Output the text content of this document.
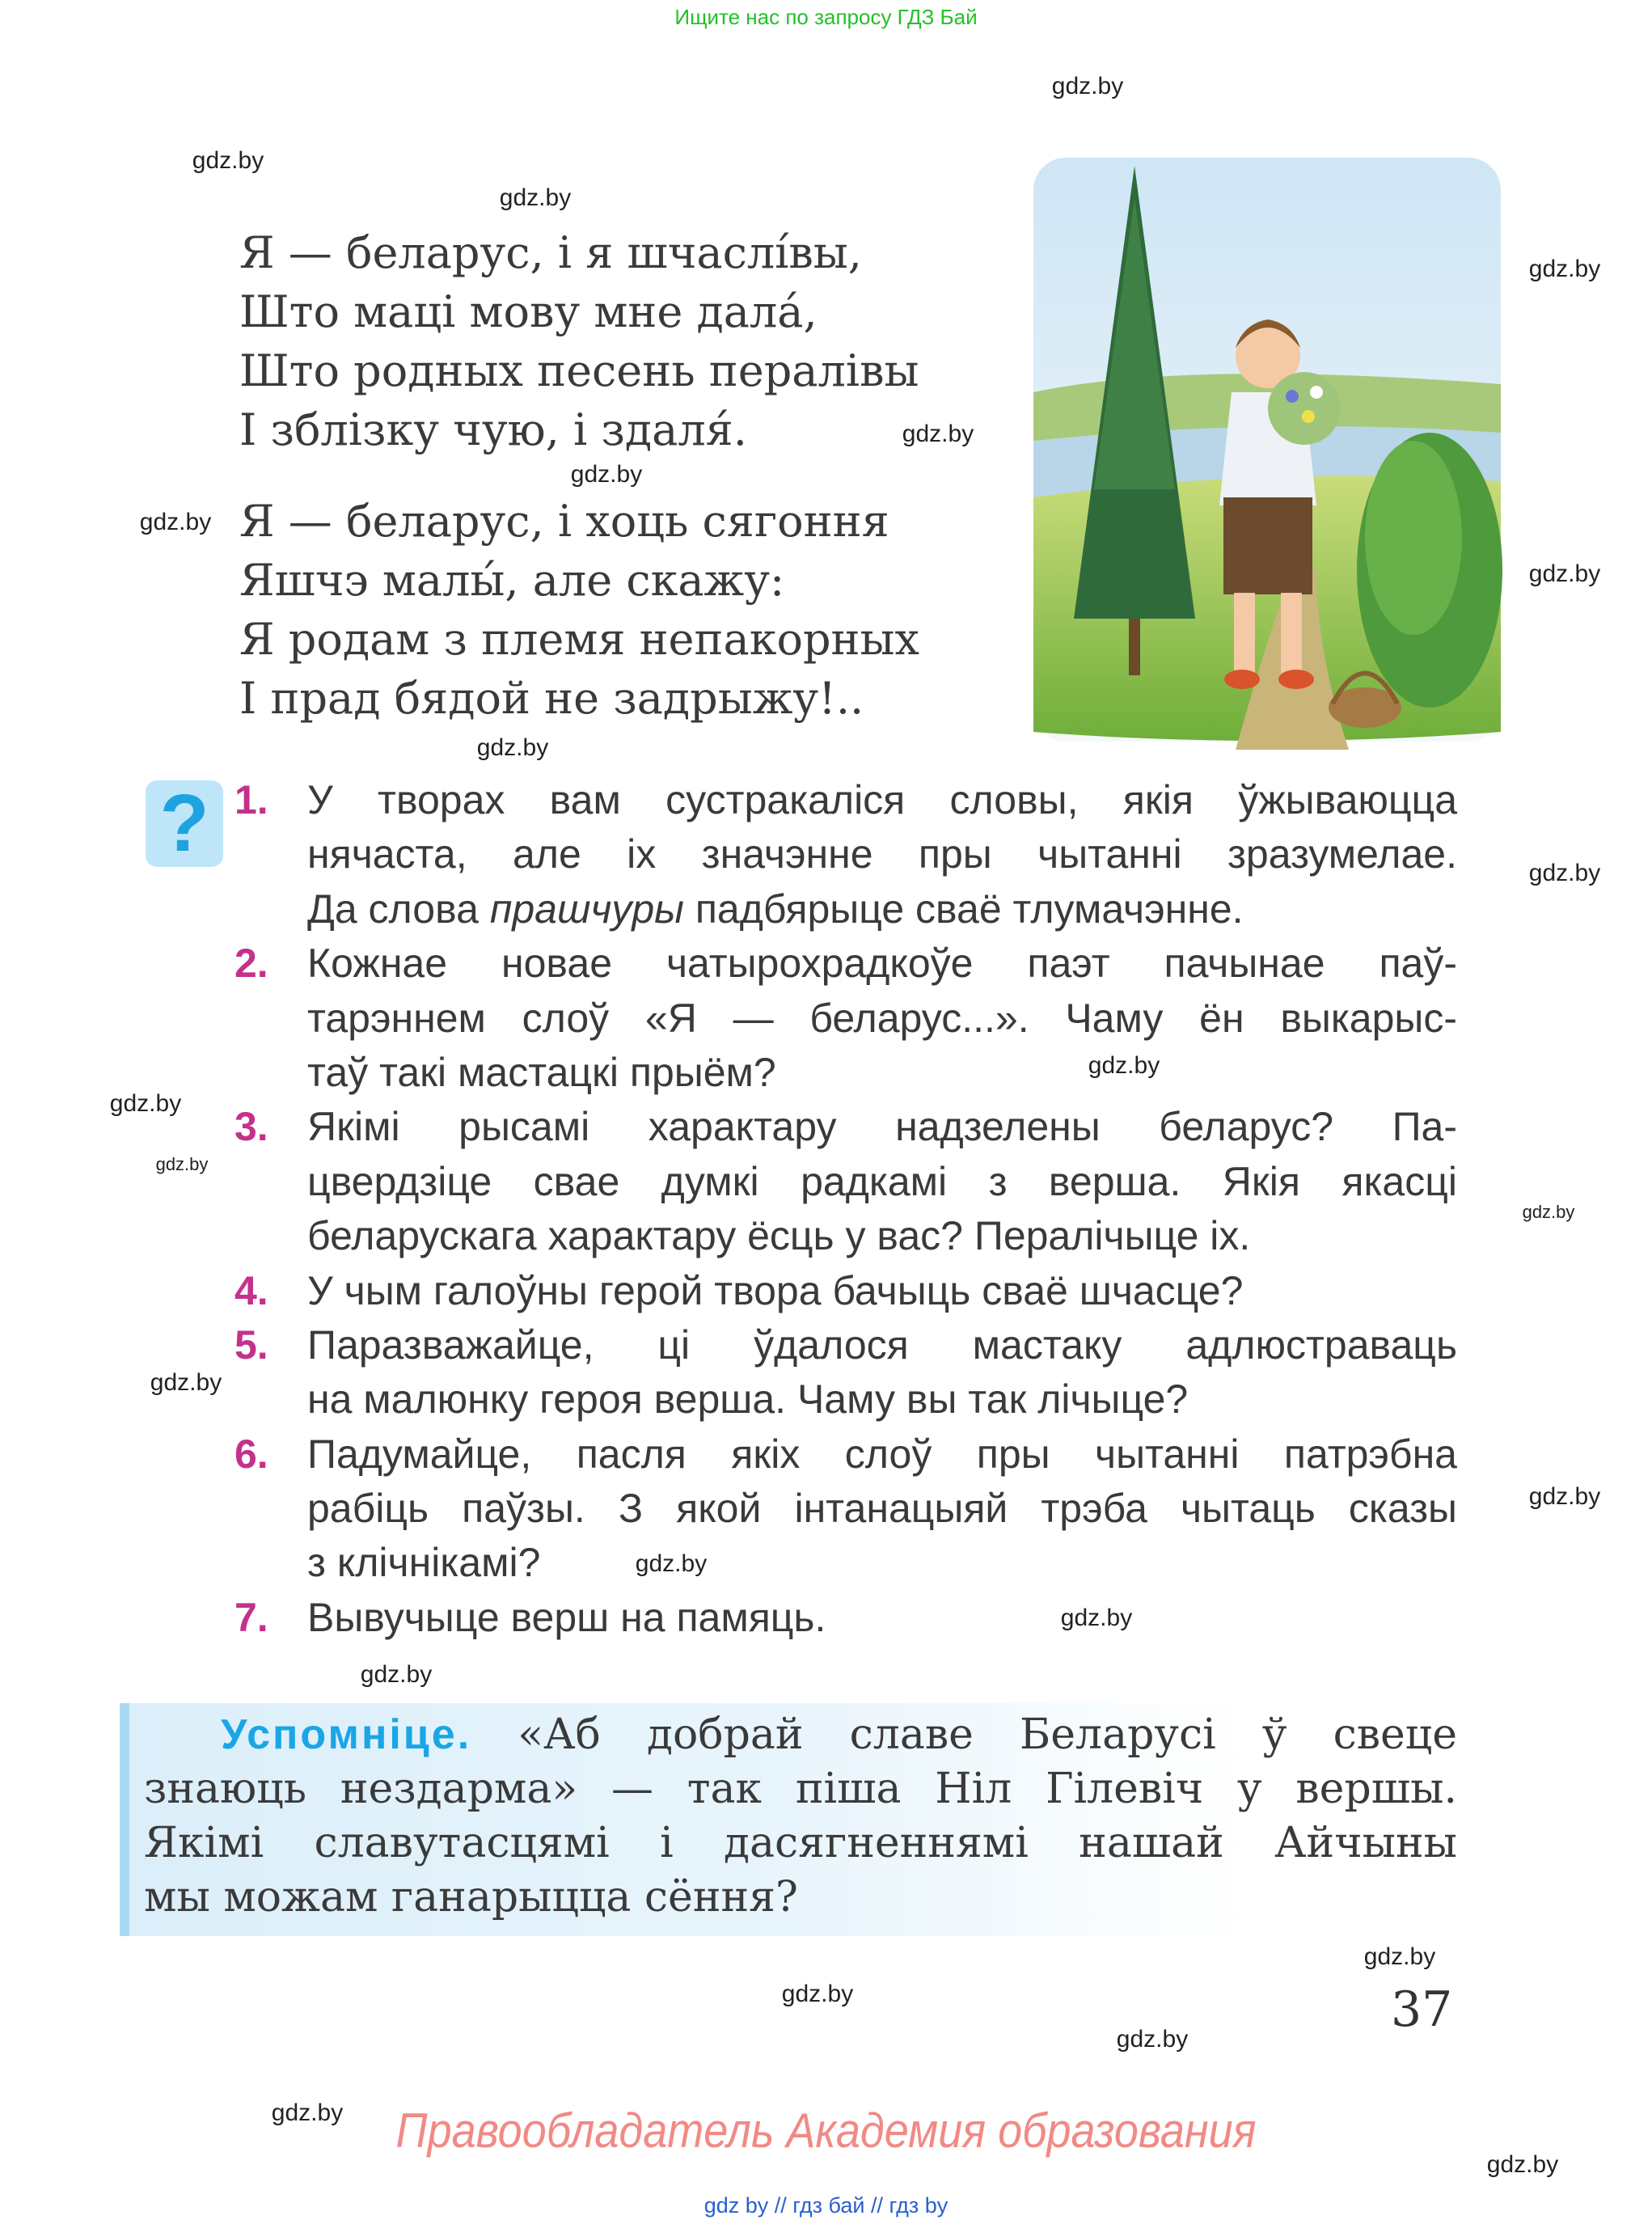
Ищите нас по запросу ГДЗ Бай
gdz.by
gdz.by
gdz.by
gdz.by
gdz.by
gdz.by
gdz.by
gdz.by
gdz.by
gdz.by
gdz.by
gdz.by
gdz.by
gdz.by
gdz.by
gdz.by
gdz.by
gdz.by
gdz.by
gdz.by
gdz.by
gdz.by
gdz.by
gdz.by
Я — беларус, і я шчаслі́вы,
Што маці мову мне дала́,
Што родных песень пералівы
І зблізку чую, і здаля́.
Я — беларус, і хоць сягоння
Яшчэ малы́, але скажу:
Я родам з племя непакорных
І прад бядой не задрыжу!..
? 1. У творах вам сустракаліся словы, якія ўжываюцца
нячаста, але іх значэнне пры чытанні зразумелае.
Да слова прашчуры падбярыце сваё тлумачэнне.
2. Кожнае новае чатырохрадкоўе паэт пачынае паў-
тарэннем слоў «Я — беларус...». Чаму ён выкарыс-
таў такі мастацкі прыём?
3. Якімі рысамі характару надзелены беларус? Па-
цвердзіце свае думкі радкамі з верша. Якія якасці
беларускага характару ёсць у вас? Пералічыце іх.
4. У чым галоўны герой твора бачыць сваё шчасце?
5. Паразважайце, ці ўдалося мастаку адлюстраваць
на малюнку героя верша. Чаму вы так лічыце?
6. Падумайце, пасля якіх слоў пры чытанні патрэбна
рабіць паўзы. З якой інтанацыяй трэба чытаць сказы
з клічнікамі?
7. Вывучыце верш на памяць.
Успомніце. «Аб добрай славе Беларусі ў свеце
знаюць нездарма» — так піша Ніл Гілевіч у вершы.
Якімі славутасцямі і дасягненнямі нашай Айчыны
мы можам ганарыцца сёння?
37
Правообладатель Академия образования
gdz by // гдз бай // гдз by
